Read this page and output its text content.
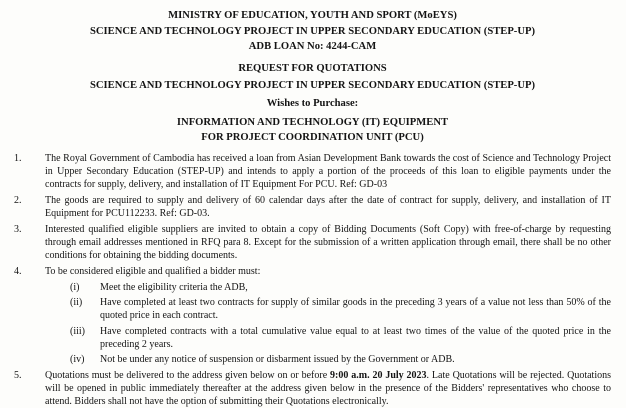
MINISTRY OF EDUCATION, YOUTH AND SPORT (MoEYS)
SCIENCE AND TECHNOLOGY PROJECT IN UPPER SECONDARY EDUCATION (STEP-UP)
ADB LOAN No: 4244-CAM
REQUEST FOR QUOTATIONS
SCIENCE AND TECHNOLOGY PROJECT IN UPPER SECONDARY EDUCATION (STEP-UP)
Wishes to Purchase:
INFORMATION AND TECHNOLOGY (IT) EQUIPMENT
FOR PROJECT COORDINATION UNIT (PCU)
1.	The Royal Government of Cambodia has received a loan from Asian Development Bank towards the cost of Science and Technology Project in Upper Secondary Education (STEP-UP) and intends to apply a portion of the proceeds of this loan to eligible payments under the contracts for supply, delivery, and installation of IT Equipment For PCU. Ref: GD-03
2.	The goods are required to supply and delivery of 60 calendar days after the date of contract for supply, delivery, and installation of IT Equipment for PCU112233. Ref: GD-03.
3.	Interested qualified eligible suppliers are invited to obtain a copy of Bidding Documents (Soft Copy) with free-of-charge by requesting through email addresses mentioned in RFQ para 8. Except for the submission of a written application through email, there shall be no other conditions for obtaining the bidding documents.
4.	To be considered eligible and qualified a bidder must:
(i)	Meet the eligibility criteria the ADB,
(ii)	Have completed at least two contracts for supply of similar goods in the preceding 3 years of a value not less than 50% of the quoted price in each contract.
(iii)	Have completed contracts with a total cumulative value equal to at least two times of the value of the quoted price in the preceding 2 years.
(iv)	Not be under any notice of suspension or disbarment issued by the Government or ADB.
5.	Quotations must be delivered to the address given below on or before 9:00 a.m. 20 July 2023. Late Quotations will be rejected. Quotations will be opened in public immediately thereafter at the address given below in the presence of the Bidders' representatives who choose to attend. Bidders shall not have the option of submitting their Quotations electronically.
